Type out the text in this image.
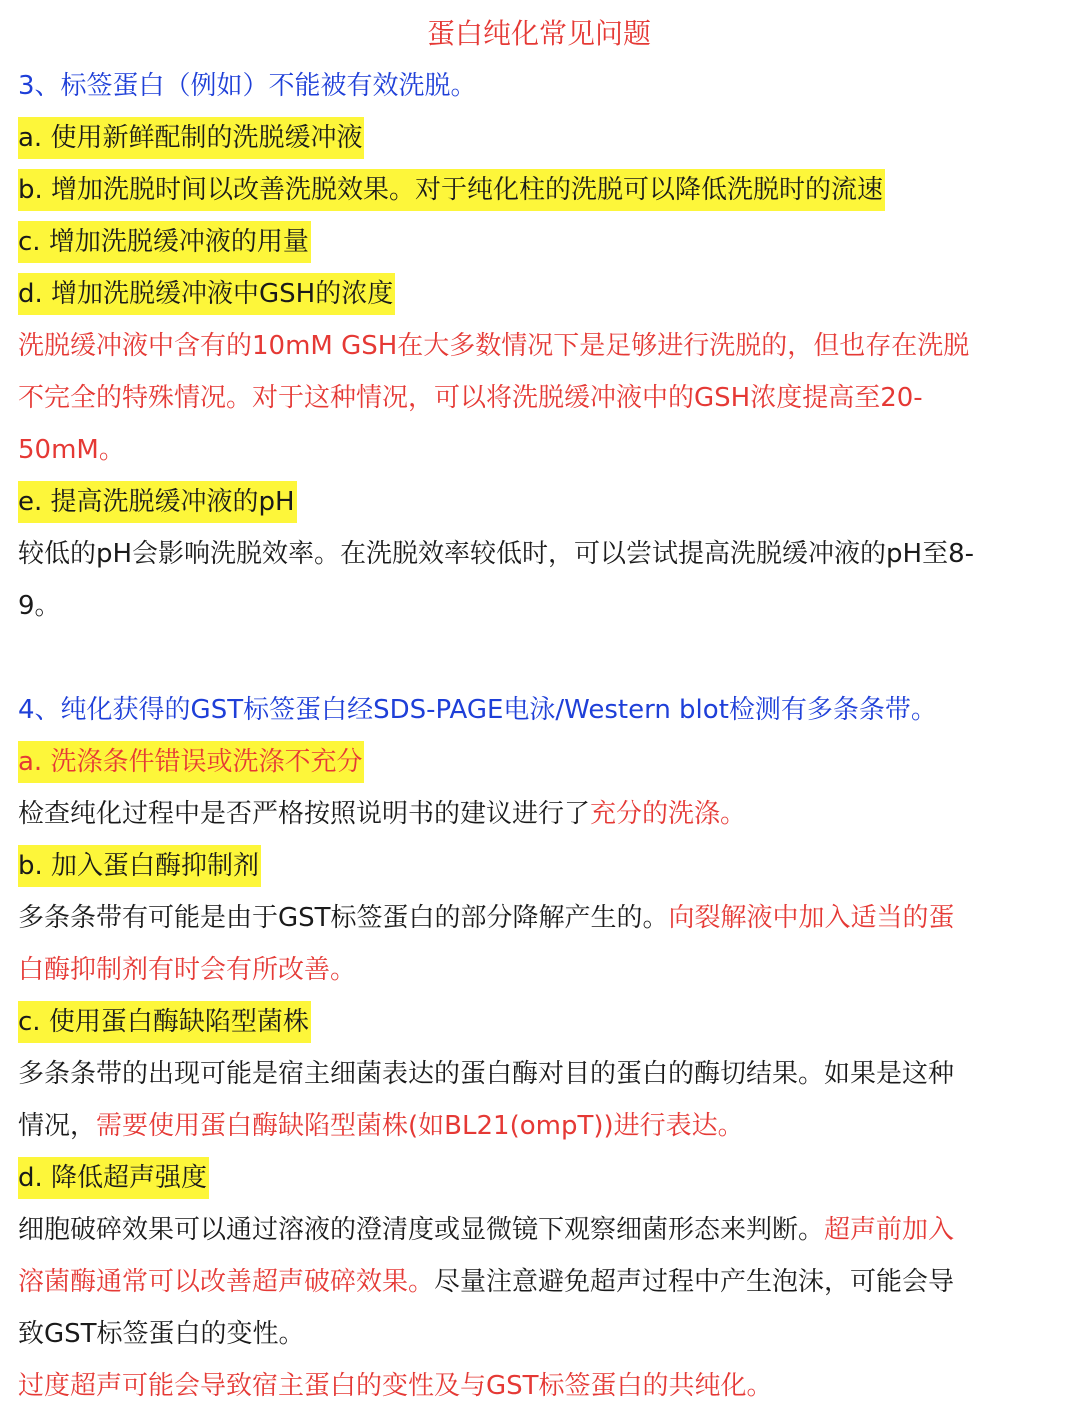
蛋白纯化常见问题
3、标签蛋白（例如）不能被有效洗脱。
a. 使用新鲜配制的洗脱缓冲液
b. 增加洗脱时间以改善洗脱效果。对于纯化柱的洗脱可以降低洗脱时的流速
c. 增加洗脱缓冲液的用量
d. 增加洗脱缓冲液中GSH的浓度
洗脱缓冲液中含有的10mM GSH在大多数情况下是足够进行洗脱的，但也存在洗脱
不完全的特殊情况。对于这种情况，可以将洗脱缓冲液中的GSH浓度提高至20-
50mM。
e. 提高洗脱缓冲液的pH
较低的pH会影响洗脱效率。在洗脱效率较低时，可以尝试提高洗脱缓冲液的pH至8-
9。
4、纯化获得的GST标签蛋白经SDS-PAGE电泳/Western blot检测有多条条带。
a. 洗涤条件错误或洗涤不充分
检查纯化过程中是否严格按照说明书的建议进行了充分的洗涤。
b. 加入蛋白酶抑制剂
多条条带有可能是由于GST标签蛋白的部分降解产生的。向裂解液中加入适当的蛋
白酶抑制剂有时会有所改善。
c. 使用蛋白酶缺陷型菌株
多条条带的出现可能是宿主细菌表达的蛋白酶对目的蛋白的酶切结果。如果是这种
情况，需要使用蛋白酶缺陷型菌株(如BL21(ompT))进行表达。
d. 降低超声强度
细胞破碎效果可以通过溶液的澄清度或显微镜下观察细菌形态来判断。超声前加入
溶菌酶通常可以改善超声破碎效果。尽量注意避免超声过程中产生泡沫，可能会导
致GST标签蛋白的变性。
过度超声可能会导致宿主蛋白的变性及与GST标签蛋白的共纯化。
